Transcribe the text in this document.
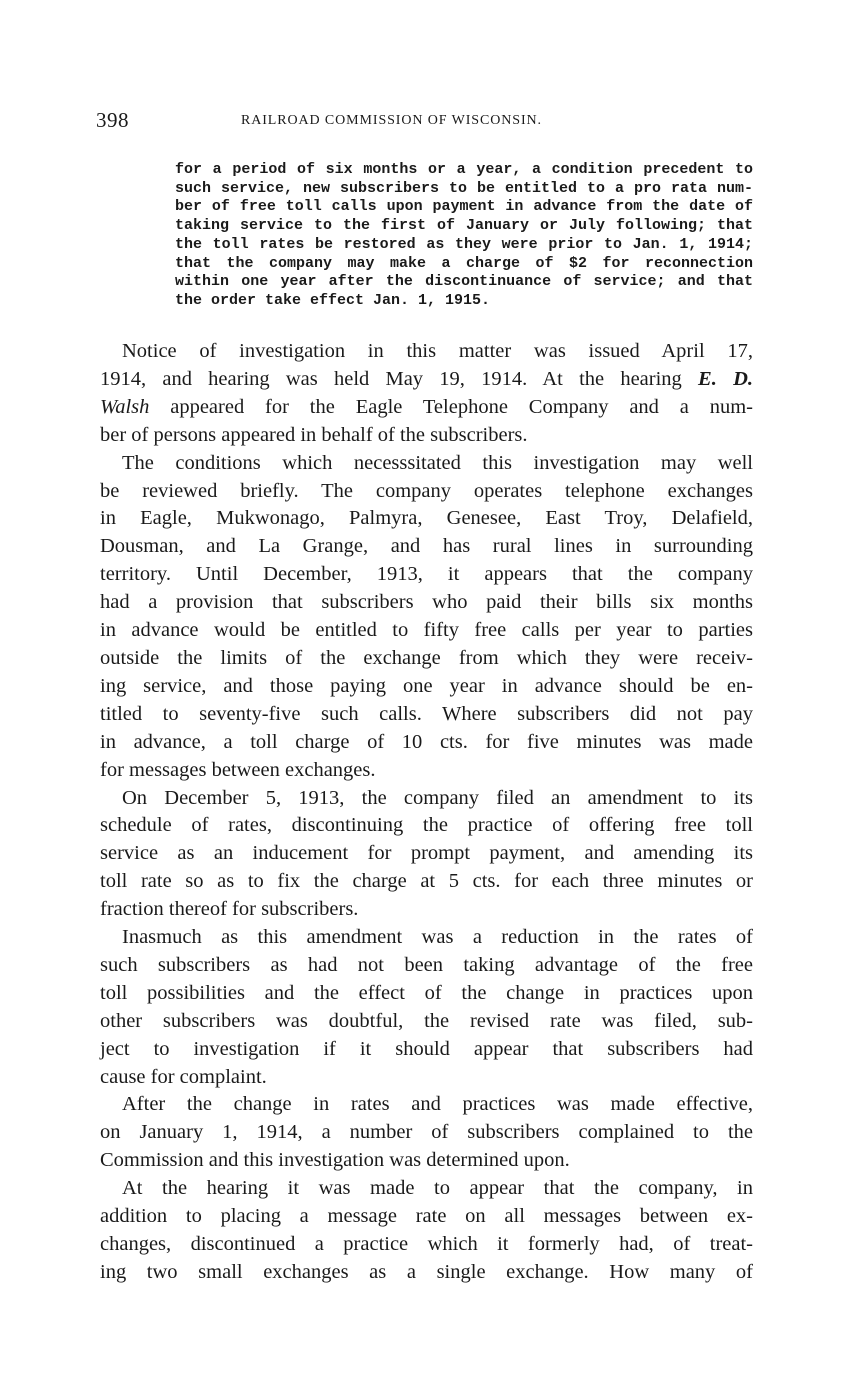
398	RAILROAD COMMISSION OF WISCONSIN.
for a period of six months or a year, a condition precedent to
such service, new subscribers to be entitled to a pro rata num-
ber of free toll calls upon payment in advance from the date of
taking service to the first of January or July following; that
the toll rates be restored as they were prior to Jan. 1, 1914;
that the company may make a charge of $2 for reconnection
within one year after the discontinuance of service; and that
the order take effect Jan. 1, 1915.
Notice of investigation in this matter was issued April 17,
1914, and hearing was held May 19, 1914. At the hearing E. D.
Walsh appeared for the Eagle Telephone Company and a num-
ber of persons appeared in behalf of the subscribers.
The conditions which necesssitated this investigation may well
be reviewed briefly. The company operates telephone exchanges
in Eagle, Mukwonago, Palmyra, Genesee, East Troy, Delafield,
Dousman, and La Grange, and has rural lines in surrounding
territory. Until December, 1913, it appears that the company
had a provision that subscribers who paid their bills six months
in advance would be entitled to fifty free calls per year to parties
outside the limits of the exchange from which they were receiv-
ing service, and those paying one year in advance should be en-
titled to seventy-five such calls. Where subscribers did not pay
in advance, a toll charge of 10 cts. for five minutes was made
for messages between exchanges.
On December 5, 1913, the company filed an amendment to its
schedule of rates, discontinuing the practice of offering free toll
service as an inducement for prompt payment, and amending its
toll rate so as to fix the charge at 5 cts. for each three minutes or
fraction thereof for subscribers.
Inasmuch as this amendment was a reduction in the rates of
such subscribers as had not been taking advantage of the free
toll possibilities and the effect of the change in practices upon
other subscribers was doubtful, the revised rate was filed, sub-
ject to investigation if it should appear that subscribers had
cause for complaint.
After the change in rates and practices was made effective,
on January 1, 1914, a number of subscribers complained to the
Commission and this investigation was determined upon.
At the hearing it was made to appear that the company, in
addition to placing a message rate on all messages between ex-
changes, discontinued a practice which it formerly had, of treat-
ing two small exchanges as a single exchange. How many of
